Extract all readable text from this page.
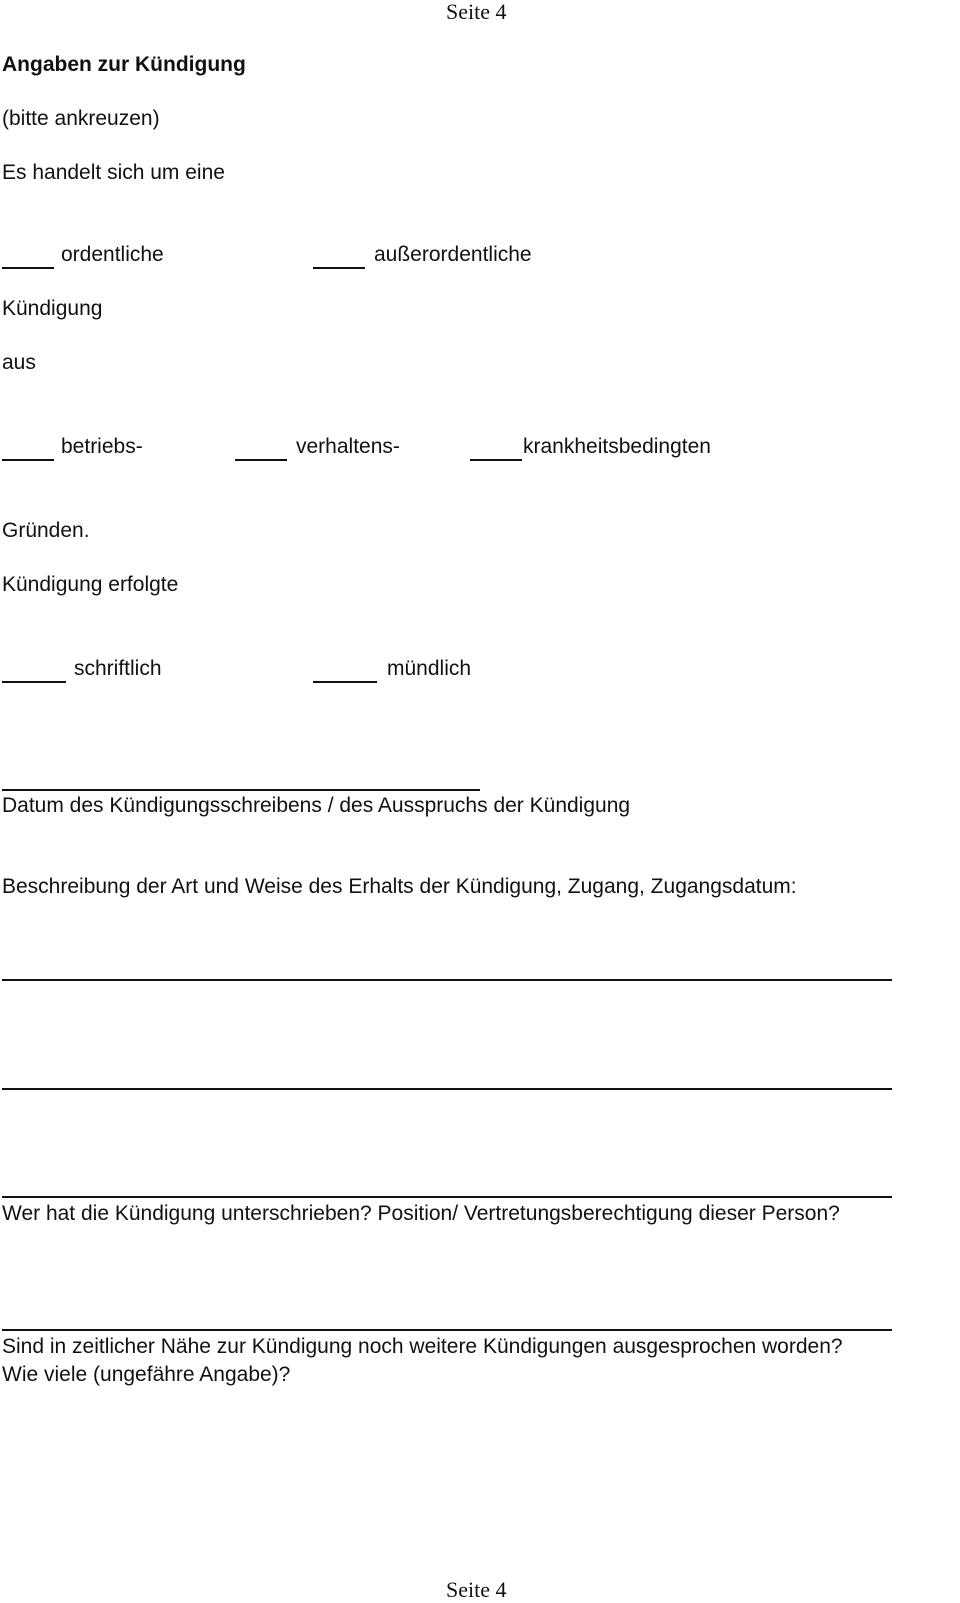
Seite 4
Angaben zur Kündigung
(bitte ankreuzen)
Es handelt sich um eine
ordentliche	außerordentliche
Kündigung
aus
betriebs-	verhaltens-	krankheitsbedingten
Gründen.
Kündigung erfolgte
schriftlich	mündlich
Datum des Kündigungsschreibens / des Ausspruchs der Kündigung
Beschreibung der Art und Weise des Erhalts der Kündigung, Zugang, Zugangsdatum:
Wer hat die Kündigung unterschrieben? Position/ Vertretungsberechtigung dieser Person?
Sind in zeitlicher Nähe zur Kündigung noch weitere Kündigungen ausgesprochen worden?
Wie viele (ungefähre Angabe)?
Seite 4
